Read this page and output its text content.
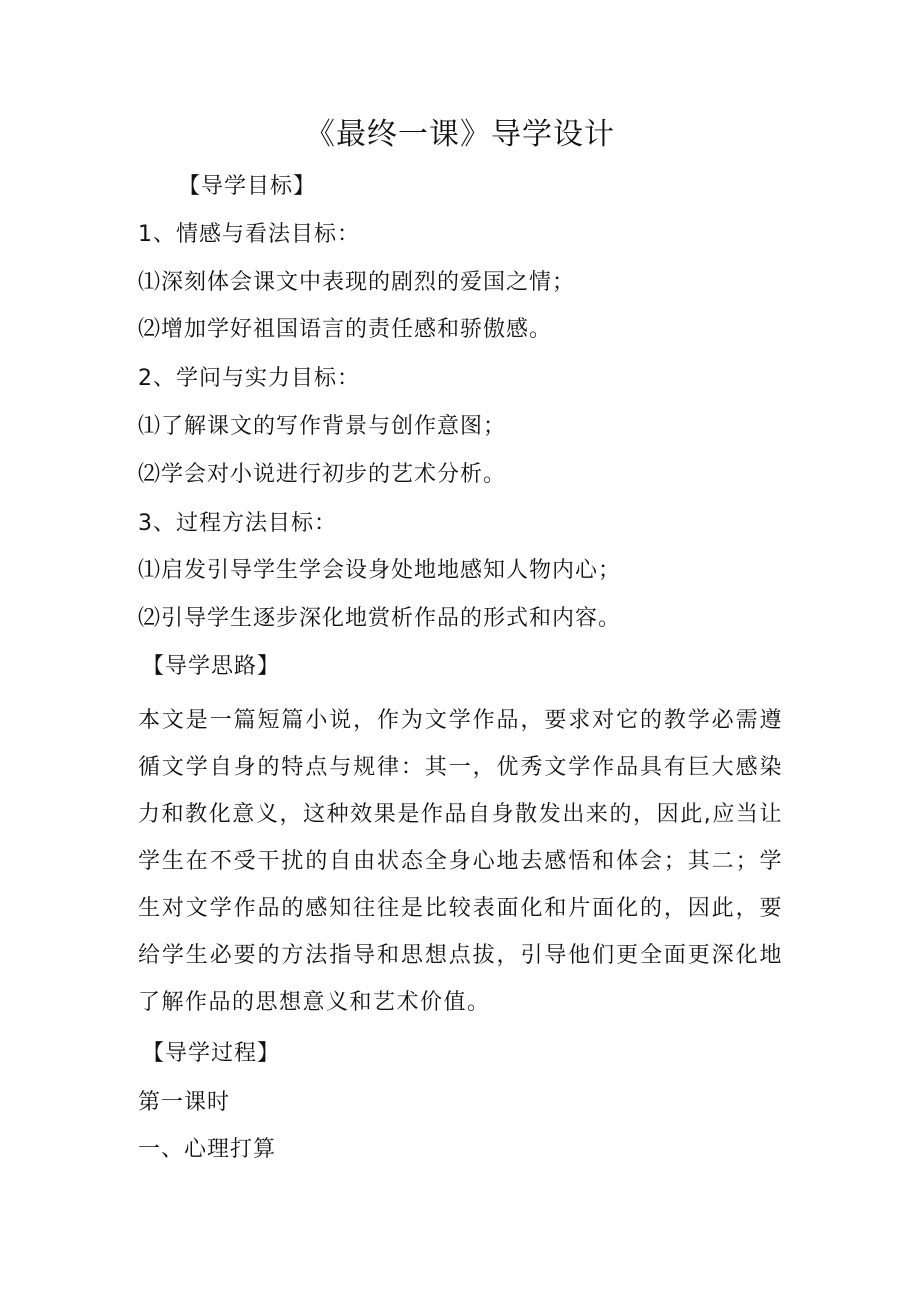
《最终一课》导学设计
【导学目标】
1、情感与看法目标：
⑴深刻体会课文中表现的剧烈的爱国之情；
⑵增加学好祖国语言的责任感和骄傲感。
2、学问与实力目标：
⑴了解课文的写作背景与创作意图；
⑵学会对小说进行初步的艺术分析。
3、过程方法目标：
⑴启发引导学生学会设身处地地感知人物内心；
⑵引导学生逐步深化地赏析作品的形式和内容。
【导学思路】
本文是一篇短篇小说，作为文学作品，要求对它的教学必需遵循文学自身的特点与规律：其一，优秀文学作品具有巨大感染力和教化意义，这种效果是作品自身散发出来的，因此,应当让学生在不受干扰的自由状态全身心地去感悟和体会；其二；学生对文学作品的感知往往是比较表面化和片面化的，因此，要给学生必要的方法指导和思想点拔，引导他们更全面更深化地了解作品的思想意义和艺术价值。
【导学过程】
第一课时
一、心理打算
